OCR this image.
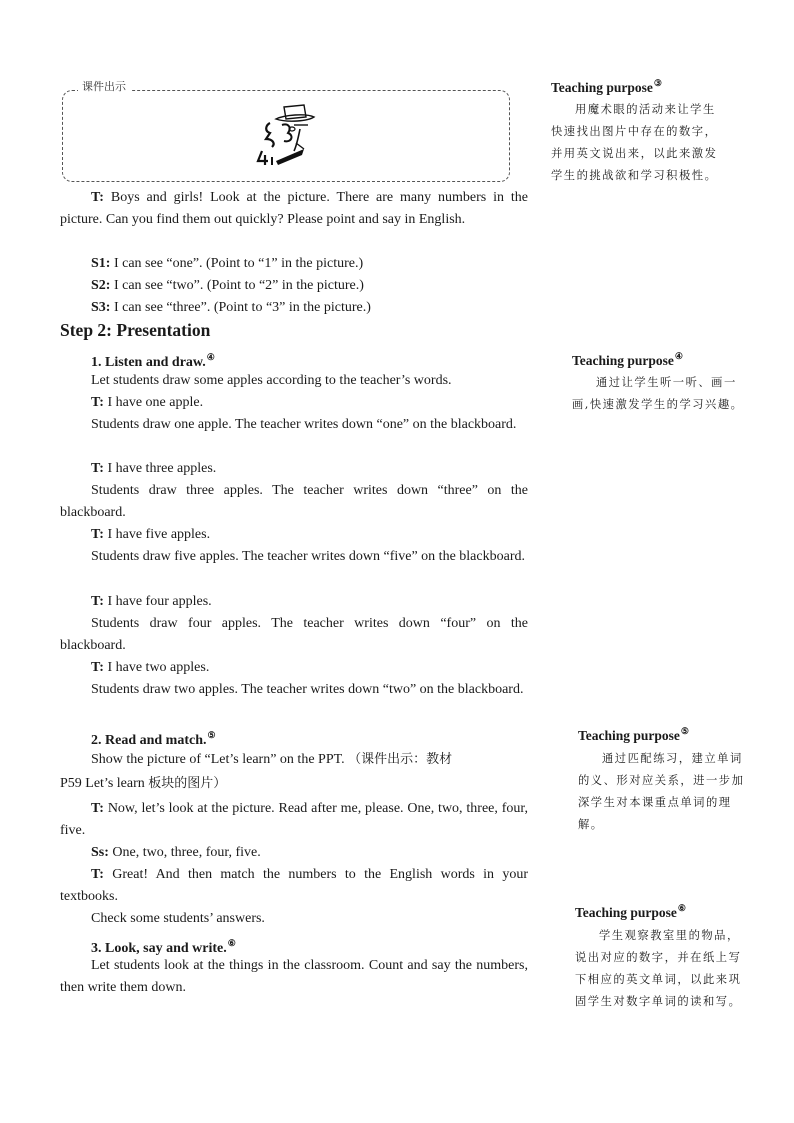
课件出示

T: Boys and girls! Look at the picture. There are many numbers in the picture. Can you find them out quickly? Please point and say in English.

S1: I can see “one”. (Point to “1” in the picture.)

S2: I can see “two”. (Point to “2” in the picture.)

S3: I can see “three”. (Point to “3” in the picture.)

Step 2: Presentation

1. Listen and draw.④

Let students draw some apples according to the teacher’s words.

T: I have one apple.

Students draw one apple. The teacher writes down “one” on the blackboard.

T: I have three apples.

Students draw three apples. The teacher writes down “three” on the blackboard.

T: I have five apples.

Students draw five apples. The teacher writes down “five” on the blackboard.

T: I have four apples.

Students draw four apples. The teacher writes down “four” on the blackboard.

T: I have two apples.

Students draw two apples. The teacher writes down “two” on the blackboard.

2. Read and match.⑤

Show the picture of “Let’s learn” on the PPT. （课件出示：教材
P59 Let’s learn 板块的图片）

T: Now, let’s look at the picture. Read after me, please. One, two, three, four, five.

Ss: One, two, three, four, five.

T: Great! And then match the numbers to the English words in your textbooks.

Check some students’ answers.

3. Look, say and write.⑥

Let students look at the things in the classroom. Count and say the numbers, then write them down.

Teaching purpose③

用魔术眼的活动来让学生快速找出图片中存在的数字，并用英文说出来，以此来激发学生的挑战欲和学习积极性。

Teaching purpose④

通过让学生听一听、画一画,快速激发学生的学习兴趣。

Teaching purpose⑤

通过匹配练习，建立单词的义、形对应关系，进一步加深学生对本课重点单词的理解。

Teaching purpose⑥

学生观察教室里的物品，说出对应的数字，并在纸上写下相应的英文单词，以此来巩固学生对数字单词的读和写。
